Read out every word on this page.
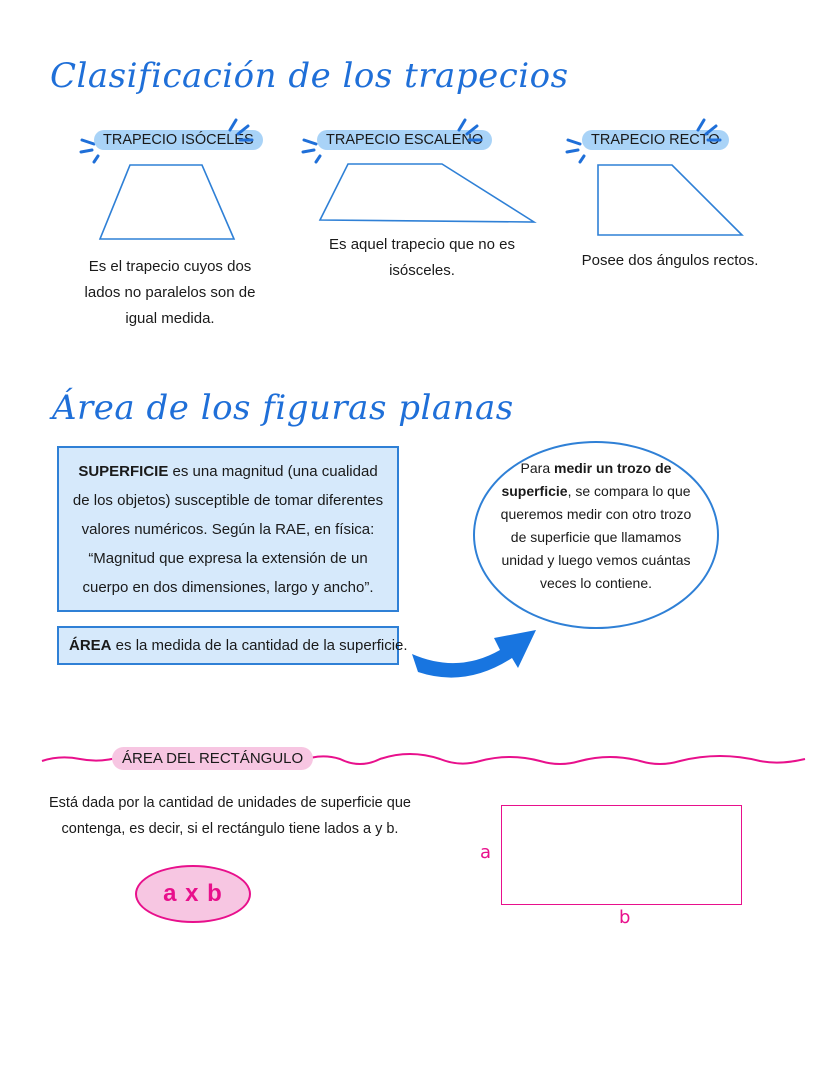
Clasificación de los trapecios
TRAPECIO ISÓCELES
Es el trapecio cuyos dos lados no paralelos son de igual medida.
TRAPECIO ESCALENO
Es aquel trapecio que no es isósceles.
TRAPECIO RECTO
Posee dos ángulos rectos.
Área de los figuras planas
SUPERFICIE es una magnitud (una cualidad de los objetos) susceptible de tomar diferentes valores numéricos. Según la RAE, en física: “Magnitud que expresa la extensión de un cuerpo en dos dimensiones, largo y ancho”.
ÁREA es la medida de la cantidad de la superficie.
Para medir un trozo de superficie, se compara lo que queremos medir con otro trozo de superficie que llamamos unidad y luego vemos cuántas veces lo contiene.
ÁREA DEL RECTÁNGULO
Está dada por la cantidad de unidades de superficie que contenga, es decir, si el rectángulo tiene lados a y b.
a x b
a
b
